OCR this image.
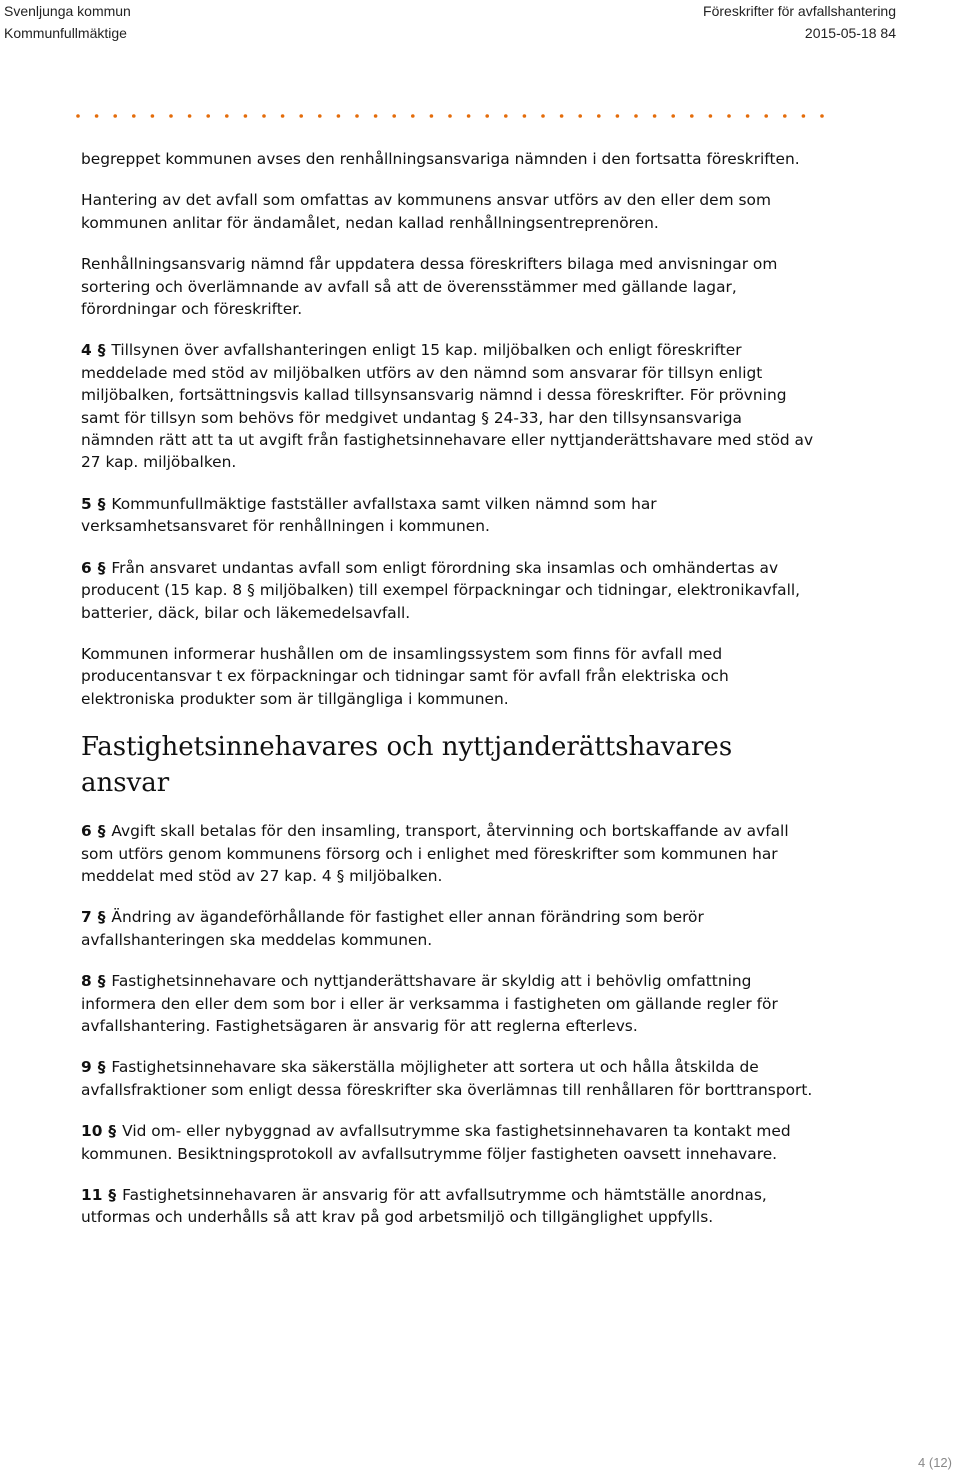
Svenljunga kommun	Föreskrifter för avfallshantering
Kommunfullmäktige	2015-05-18 84

begreppet kommunen avses den renhållningsansvariga nämnden i den fortsatta föreskriften.

Hantering av det avfall som omfattas av kommunens ansvar utförs av den eller dem som kommunen anlitar för ändamålet, nedan kallad renhållningsentreprenören.

Renhållningsansvarig nämnd får uppdatera dessa föreskrifters bilaga med anvisningar om sortering och överlämnande av avfall så att de överensstämmer med gällande lagar, förordningar och föreskrifter.

4 § Tillsynen över avfallshanteringen enligt 15 kap. miljöbalken och enligt föreskrifter meddelade med stöd av miljöbalken utförs av den nämnd som ansvarar för tillsyn enligt miljöbalken, fortsättningsvis kallad tillsynsansvarig nämnd i dessa föreskrifter. För prövning samt för tillsyn som behövs för medgivet undantag § 24-33, har den tillsynsansvariga nämnden rätt att ta ut avgift från fastighetsinnehavare eller nyttjanderättshavare med stöd av 27 kap. miljöbalken.

5 § Kommunfullmäktige fastställer avfallstaxa samt vilken nämnd som har verksamhetsansvaret för renhållningen i kommunen.

6 § Från ansvaret undantas avfall som enligt förordning ska insamlas och omhändertas av producent (15 kap. 8 § miljöbalken) till exempel förpackningar och tidningar, elektronikavfall, batterier, däck, bilar och läkemedelsavfall.

Kommunen informerar hushållen om de insamlingssystem som finns för avfall med producentansvar t ex förpackningar och tidningar samt för avfall från elektriska och elektroniska produkter som är tillgängliga i kommunen.

Fastighetsinnehavares och nyttjanderättshavares ansvar

6 § Avgift skall betalas för den insamling, transport, återvinning och bortskaffande av avfall som utförs genom kommunens försorg och i enlighet med föreskrifter som kommunen har meddelat med stöd av 27 kap. 4 § miljöbalken.

7 § Ändring av ägandeförhållande för fastighet eller annan förändring som berör avfallshanteringen ska meddelas kommunen.

8 § Fastighetsinnehavare och nyttjanderättshavare är skyldig att i behövlig omfattning informera den eller dem som bor i eller är verksamma i fastigheten om gällande regler för avfallshantering. Fastighetsägaren är ansvarig för att reglerna efterlevs.

9 § Fastighetsinnehavare ska säkerställa möjligheter att sortera ut och hålla åtskilda de avfallsfraktioner som enligt dessa föreskrifter ska överlämnas till renhållaren för borttransport.

10 § Vid om- eller nybyggnad av avfallsutrymme ska fastighetsinnehavaren ta kontakt med kommunen. Besiktningsprotokoll av avfallsutrymme följer fastigheten oavsett innehavare.

11 § Fastighetsinnehavaren är ansvarig för att avfallsutrymme och hämtställe anordnas, utformas och underhålls så att krav på god arbetsmiljö och tillgänglighet uppfylls.

4 (12)
